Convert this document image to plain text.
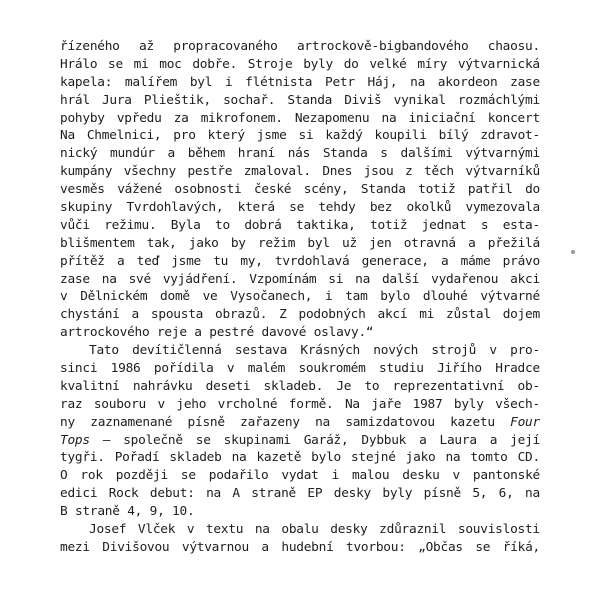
řízeného až propracovaného artrockově-bigbandového chaosu.
Hrálo se mi moc dobře. Stroje byly do velké míry výtvarnická
kapela: malířem byl i flétnista Petr Háj, na akordeon zase
hrál Jura Plieštik, sochař. Standa Diviš vynikal rozmáchlými
pohyby vpředu za mikrofonem. Nezapomenu na iniciační koncert
Na Chmelnici, pro který jsme si každý koupili bílý zdravot-
nický mundúr a během hraní nás Standa s dalšími výtvarnými
kumpány všechny pestře zmaloval. Dnes jsou z těch výtvarníků
vesměs vážené osobnosti české scény, Standa totiž patřil do
skupiny Tvrdohlavých, která se tehdy bez okolků vymezovala
vůči režimu. Byla to dobrá taktika, totiž jednat s esta-
blišmentem tak, jako by režim byl už jen otravná a přežilá
přítěž a teď jsme tu my, tvrdohlavá generace, a máme právo
zase na své vyjádření. Vzpomínám si na další vydařenou akci
v Dělnickém domě ve Vysočanech, i tam bylo dlouhé výtvarné
chystání a spousta obrazů. Z podobných akcí mi zůstal dojem
artrockového reje a pestré davové oslavy.“
Tato devítičlenná sestava Krásných nových strojů v pro-
sinci 1986 pořídila v malém soukromém studiu Jiřího Hradce
kvalitní nahrávku deseti skladeb. Je to reprezentativní ob-
raz souboru v jeho vrcholné formě. Na jaře 1987 byly všech-
ny zaznamenané písně zařazeny na samizdatovou kazetu Four
Tops – společně se skupinami Garáž, Dybbuk a Laura a její
tygři. Pořadí skladeb na kazetě bylo stejné jako na tomto CD.
O rok později se podařilo vydat i malou desku v pantonské
edici Rock debut: na A straně EP desky byly písně 5, 6, na
B straně 4, 9, 10.
Josef Vlček v textu na obalu desky zdůraznil souvislosti
mezi Divišovou výtvarnou a hudební tvorbou: „Občas se říká,
